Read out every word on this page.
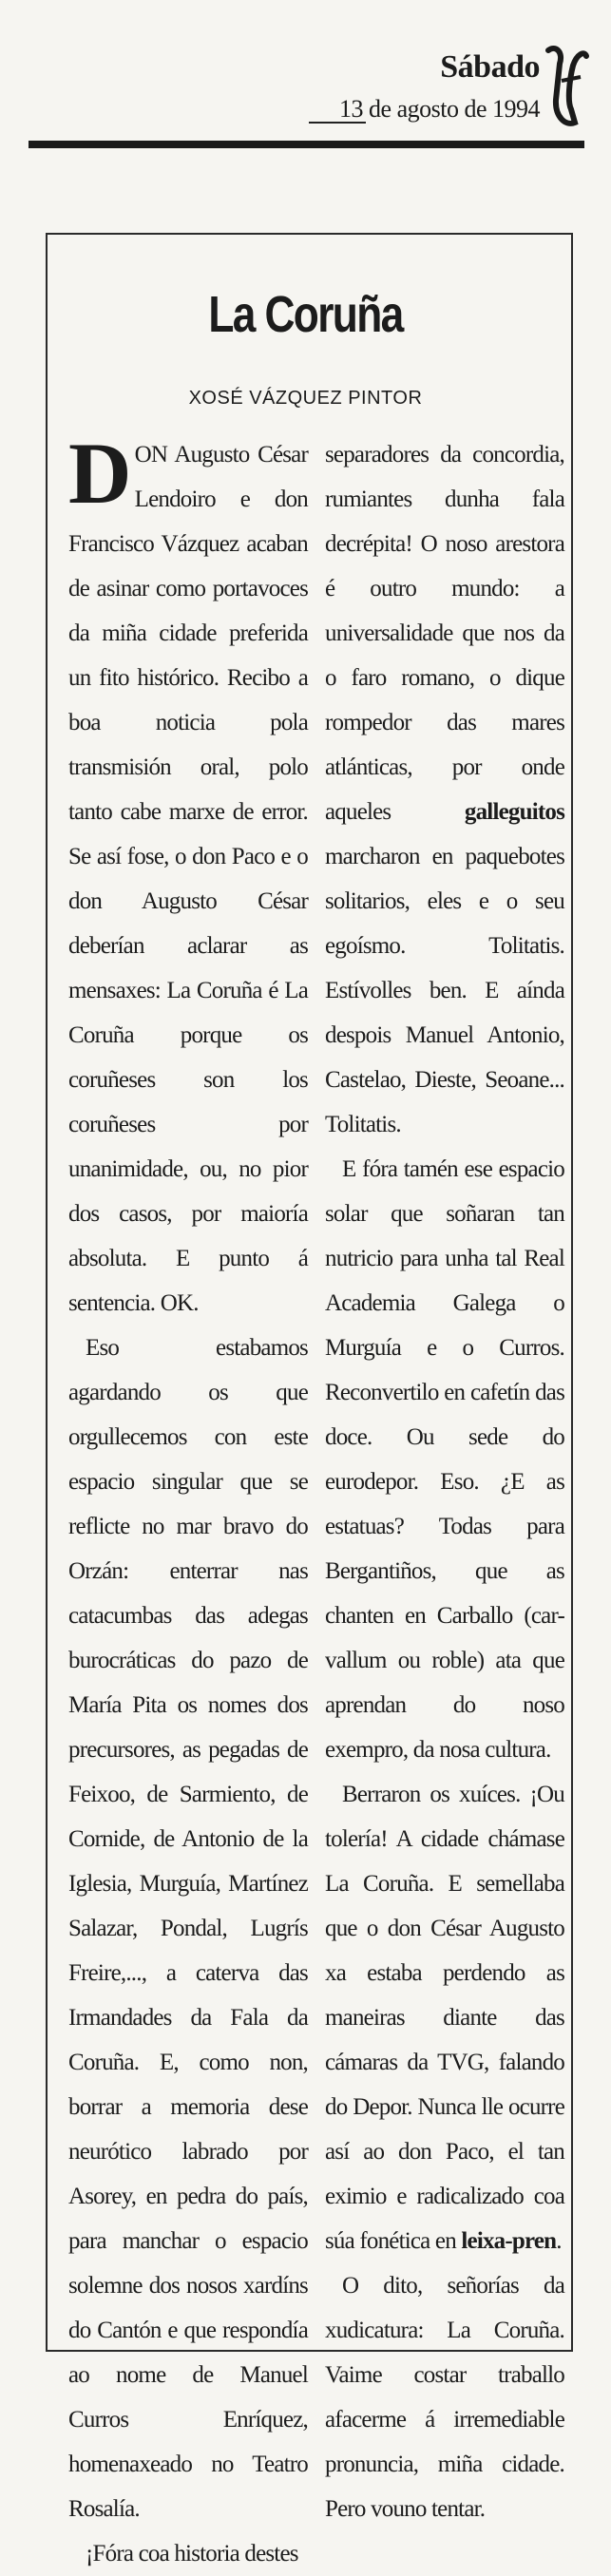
Sábado
13 de agosto de 1994
La Coruña
XOSÉ VÁZQUEZ PINTOR

DON Augusto César Lendoiro e don Francisco Vázquez acaban de asinar como portavoces da miña cidade preferida un fito histórico. Recibo a boa noticia pola transmisión oral, polo tanto cabe marxe de error. Se así fose, o don Paco e o don Augusto César deberían aclarar as mensaxes: La Coruña é La Coruña porque os coruñeses son los coruñeses por unanimidade, ou, no pior dos casos, por maioría absoluta. E punto á sentencia. OK.

Eso estabamos agardando os que orgullecemos con este espacio singular que se reflicte no mar bravo do Orzán: enterrar nas catacumbas das adegas burocráticas do pazo de María Pita os nomes dos precursores, as pegadas de Feixoo, de Sarmiento, de Cornide, de Antonio de la Iglesia, Murguía, Martínez Salazar, Pondal, Lugrís Freire,..., a caterva das Irmandades da Fala da Coruña. E, como non, borrar a memoria dese neurótico labrado por Asorey, en pedra do país, para manchar o espacio solemne dos nosos xardíns do Cantón e que respondía ao nome de Manuel Curros Enríquez, homenaxeado no Teatro Rosalía.

¡Fóra coa historia destes

separadores da concordia, rumiantes dunha fala decrépita! O noso arestora é outro mundo: a universalidade que nos da o faro romano, o dique rompedor das mares atlánticas, por onde aqueles	galleguitos marcharon en paquebotes solitarios, eles e o seu egoísmo. Tolitatis. Estívolles ben. E aínda despois Manuel Antonio, Castelao, Dieste, Seoane... Tolitatis.

E fóra tamén ese espacio solar que soñaran tan nutricio para unha tal Real Academia Galega o Murguía e o Curros. Reconvertilo en cafetín das doce. Ou sede do eurodepor. Eso. ¿E as estatuas? Todas para Bergantiños, que as chanten en Carballo (car-vallum ou roble) ata que aprendan do noso exempro, da nosa cultura.

Berraron os xuíces. ¡Ou tolería! A cidade chámase La Coruña. E semellaba que o don César Augusto xa estaba perdendo as maneiras diante das cámaras da TVG, falando do Depor. Nunca lle ocurre así ao don Paco, el tan eximio e radicalizado coa súa fonética en leixa-pren.

O dito, señorías da xudicatura: La Coruña. Vaime costar traballo afacerme á irremediable pronuncia, miña cidade. Pero vouno tentar.
